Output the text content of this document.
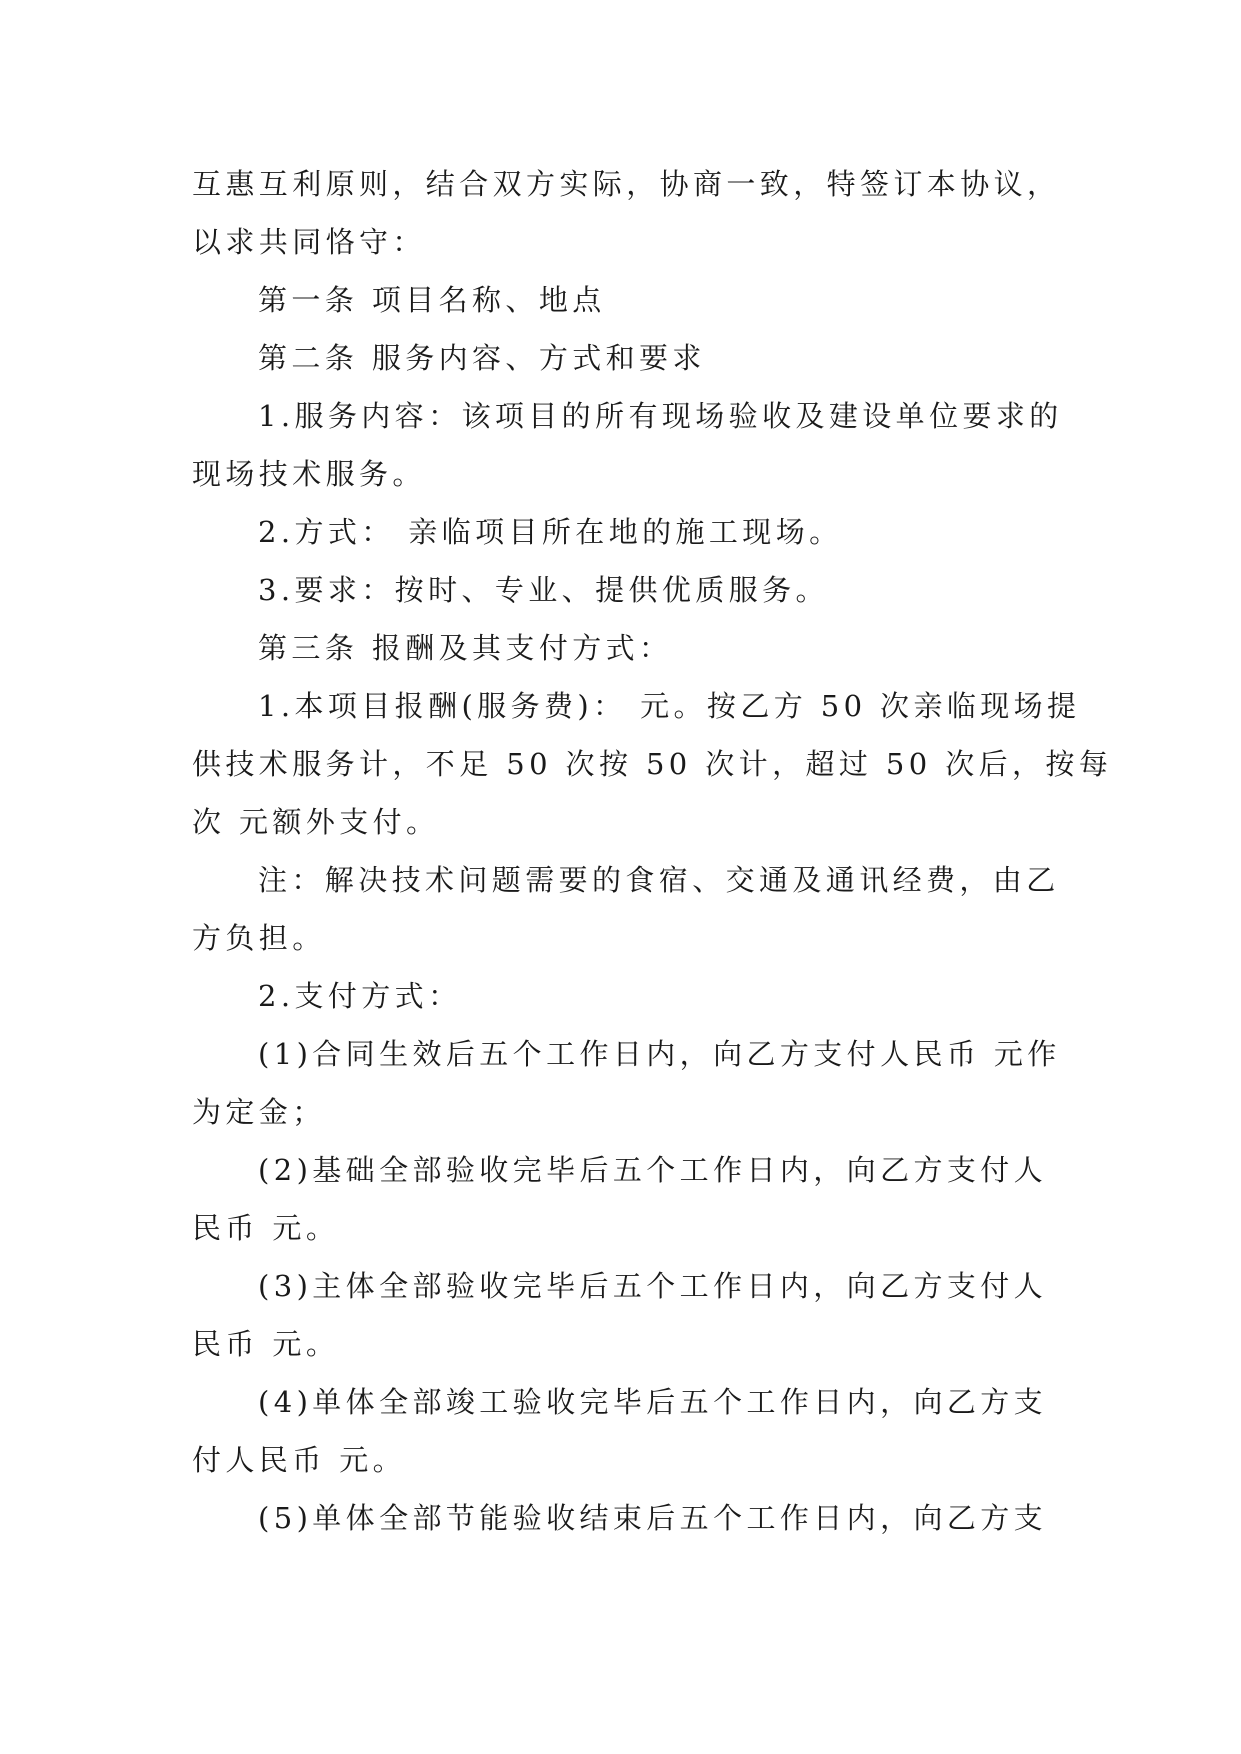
互惠互利原则，结合双方实际，协商一致，特签订本协议，

以求共同恪守：

第一条 项目名称、地点

第二条 服务内容、方式和要求

1.服务内容：该项目的所有现场验收及建设单位要求的

现场技术服务。

2.方式： 亲临项目所在地的施工现场。

3.要求：按时、专业、提供优质服务。

第三条 报酬及其支付方式：

1.本项目报酬(服务费)： 元。按乙方 50 次亲临现场提

供技术服务计，不足 50 次按 50 次计，超过 50 次后，按每

次 元额外支付。

注：解决技术问题需要的食宿、交通及通讯经费，由乙

方负担。

2.支付方式：

(1)合同生效后五个工作日内，向乙方支付人民币 元作

为定金；

(2)基础全部验收完毕后五个工作日内，向乙方支付人

民币 元。

(3)主体全部验收完毕后五个工作日内，向乙方支付人

民币 元。

(4)单体全部竣工验收完毕后五个工作日内，向乙方支

付人民币 元。

(5)单体全部节能验收结束后五个工作日内，向乙方支
